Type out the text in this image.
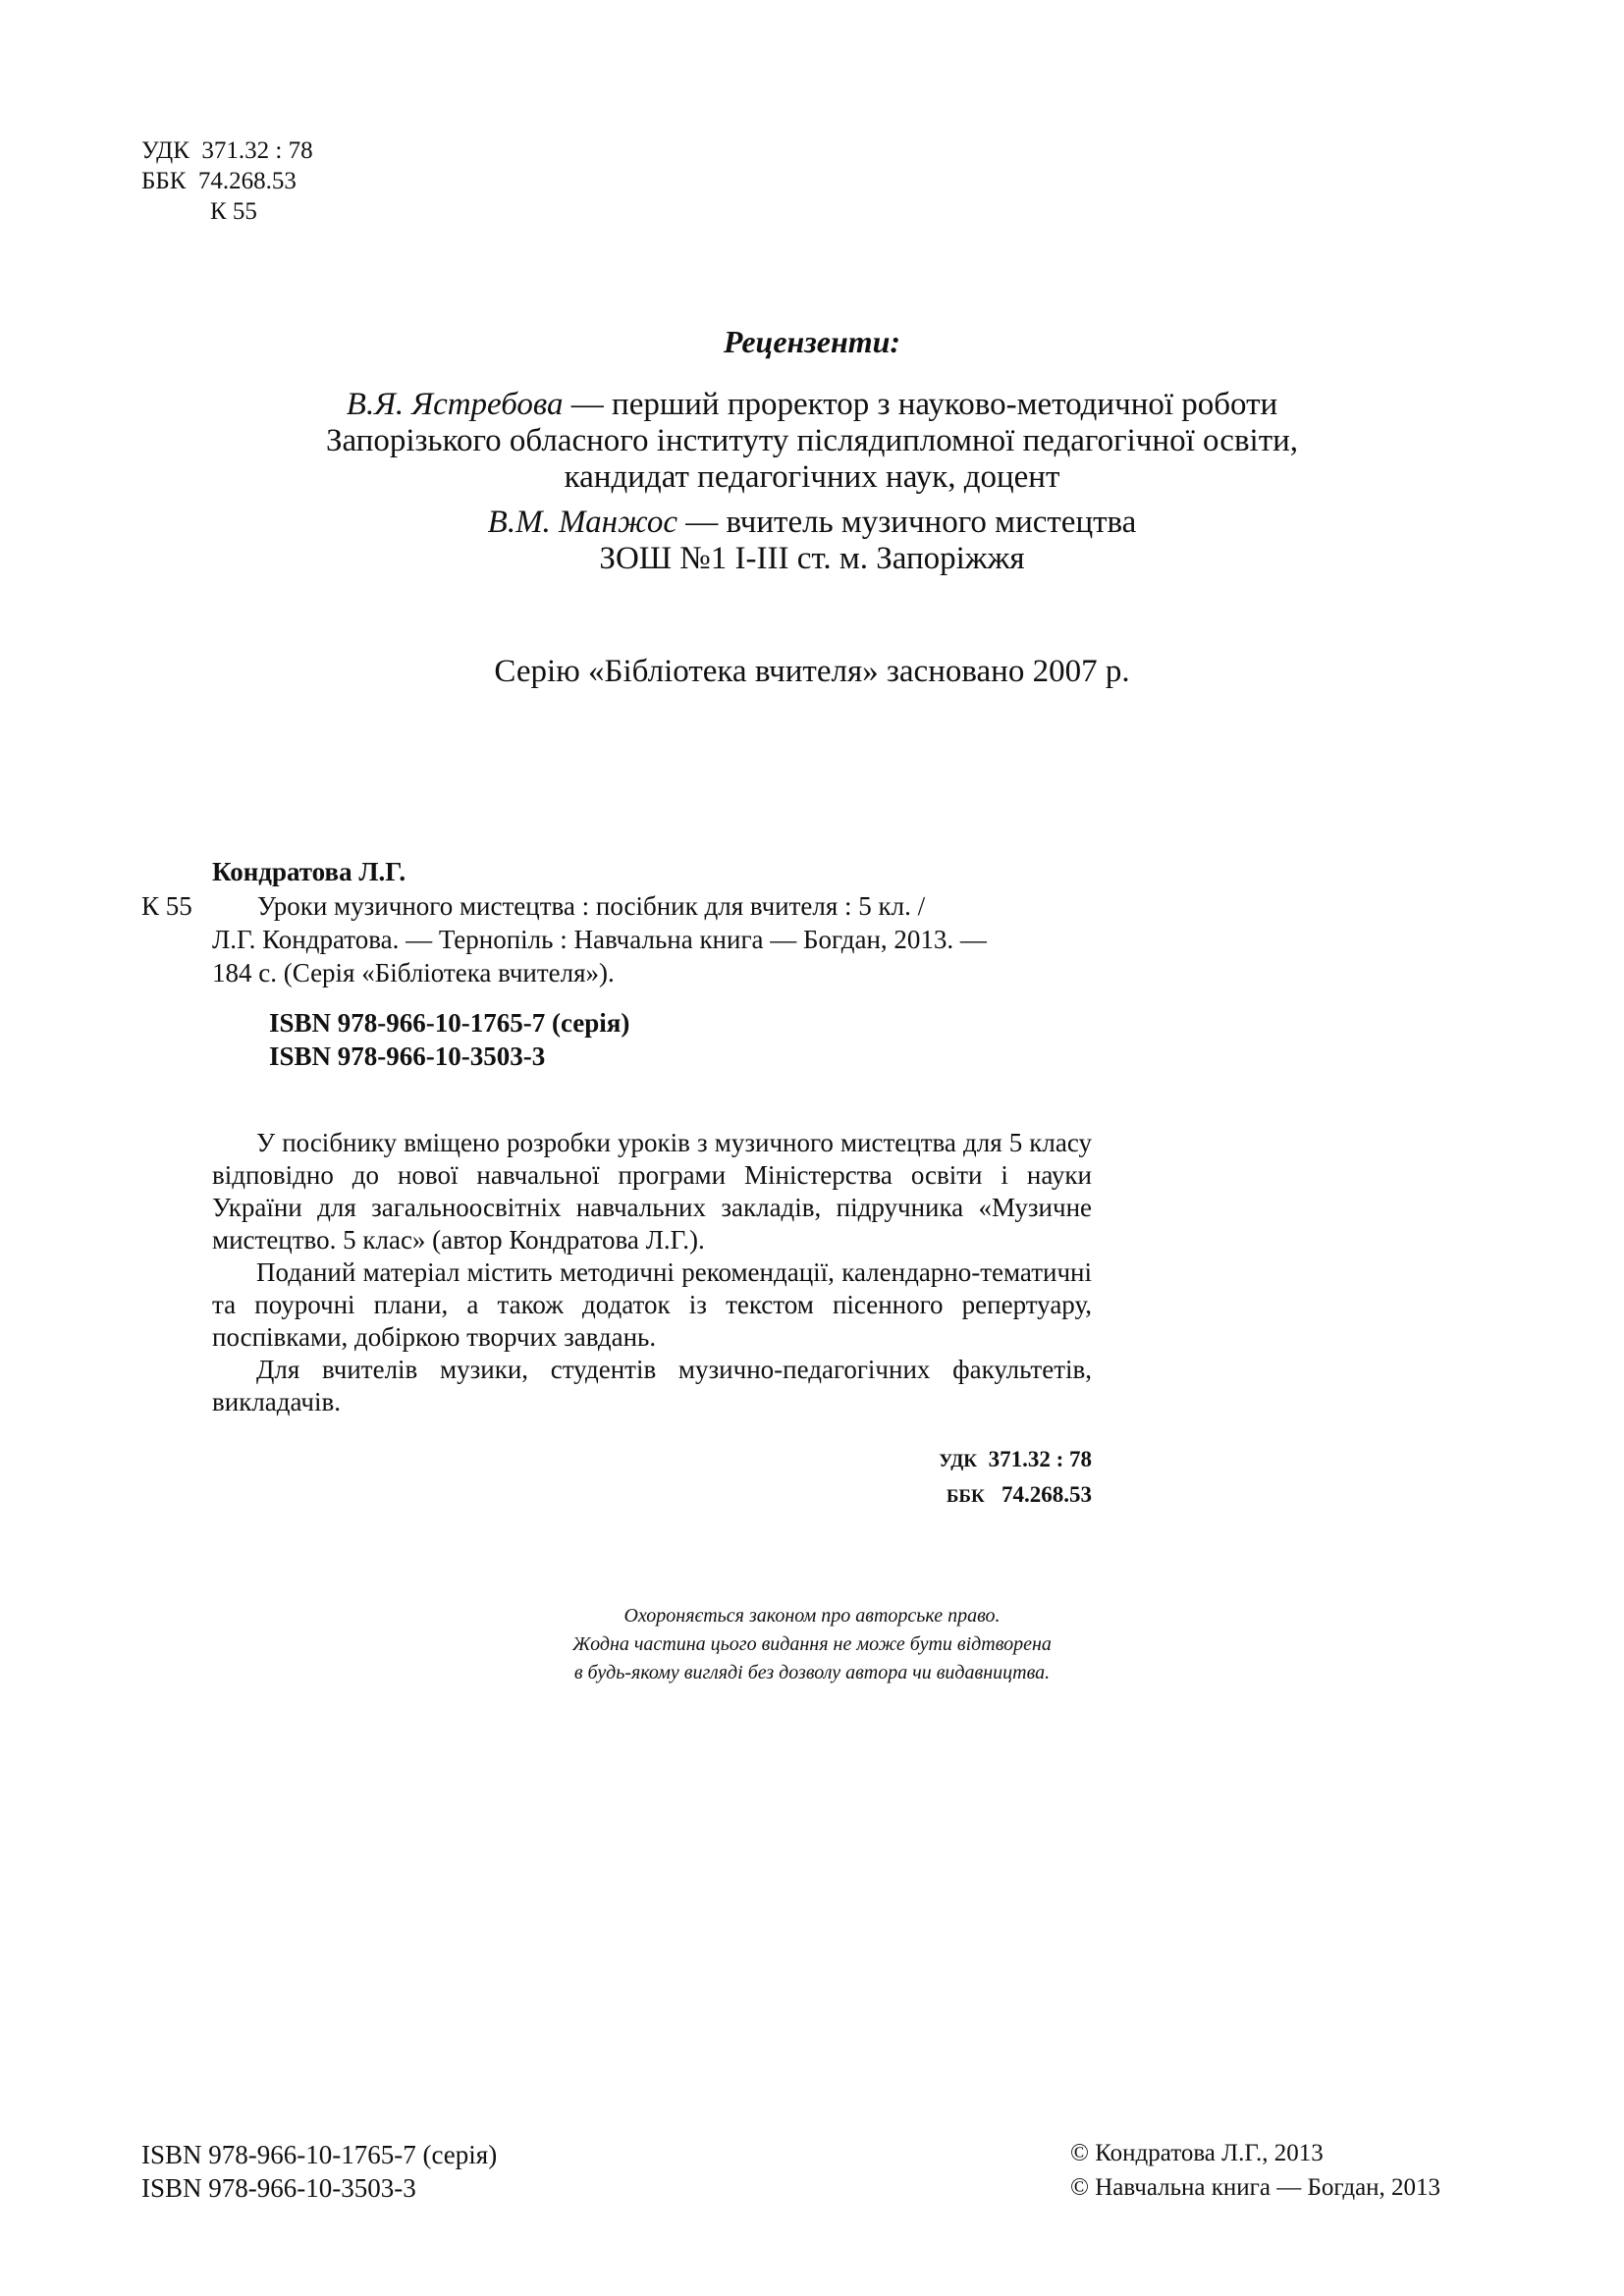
УДК 371.32 : 78
ББК 74.268.53
К 55
Рецензенти:
В.Я. Ястребова — перший проректор з науково-методичної роботи
Запорізького обласного інституту післядипломної педагогічної освіти,
кандидат педагогічних наук, доцент
В.М. Манжос — вчитель музичного мистецтва
ЗОШ №1 I-III ст. м. Запоріжжя
Серію «Бібліотека вчителя» засновано 2007 р.
Кондратова Л.Г.
К 55 Уроки музичного мистецтва : посібник для вчителя : 5 кл. /
Л.Г. Кондратова. — Тернопіль : Навчальна книга — Богдан, 2013. —
184 с. (Серія «Бібліотека вчителя»).
ISBN 978-966-10-1765-7 (серія)
ISBN 978-966-10-3503-3

У посібнику вміщено розробки уроків з музичного мистецтва для 5 класу відповідно до нової навчальної програми Міністерства освіти і науки України для загальноосвітніх навчальних закладів, підручника «Музичне мистецтво. 5 клас» (автор Кондратова Л.Г.).

Поданий матеріал містить методичні рекомендації, календарно-тематичні та поурочні плани, а також додаток із текстом пісенного репертуару, поспівками, добіркою творчих завдань.

Для вчителів музики, студентів музично-педагогічних факультетів, викладачів.

УДК 371.32 : 78
ББК 74.268.53
Охороняється законом про авторське право.
Жодна частина цього видання не може бути відтворена
в будь-якому вигляді без дозволу автора чи видавництва.
ISBN 978-966-10-1765-7 (серія)
ISBN 978-966-10-3503-3
© Кондратова Л.Г., 2013
© Навчальна книга — Богдан, 2013
